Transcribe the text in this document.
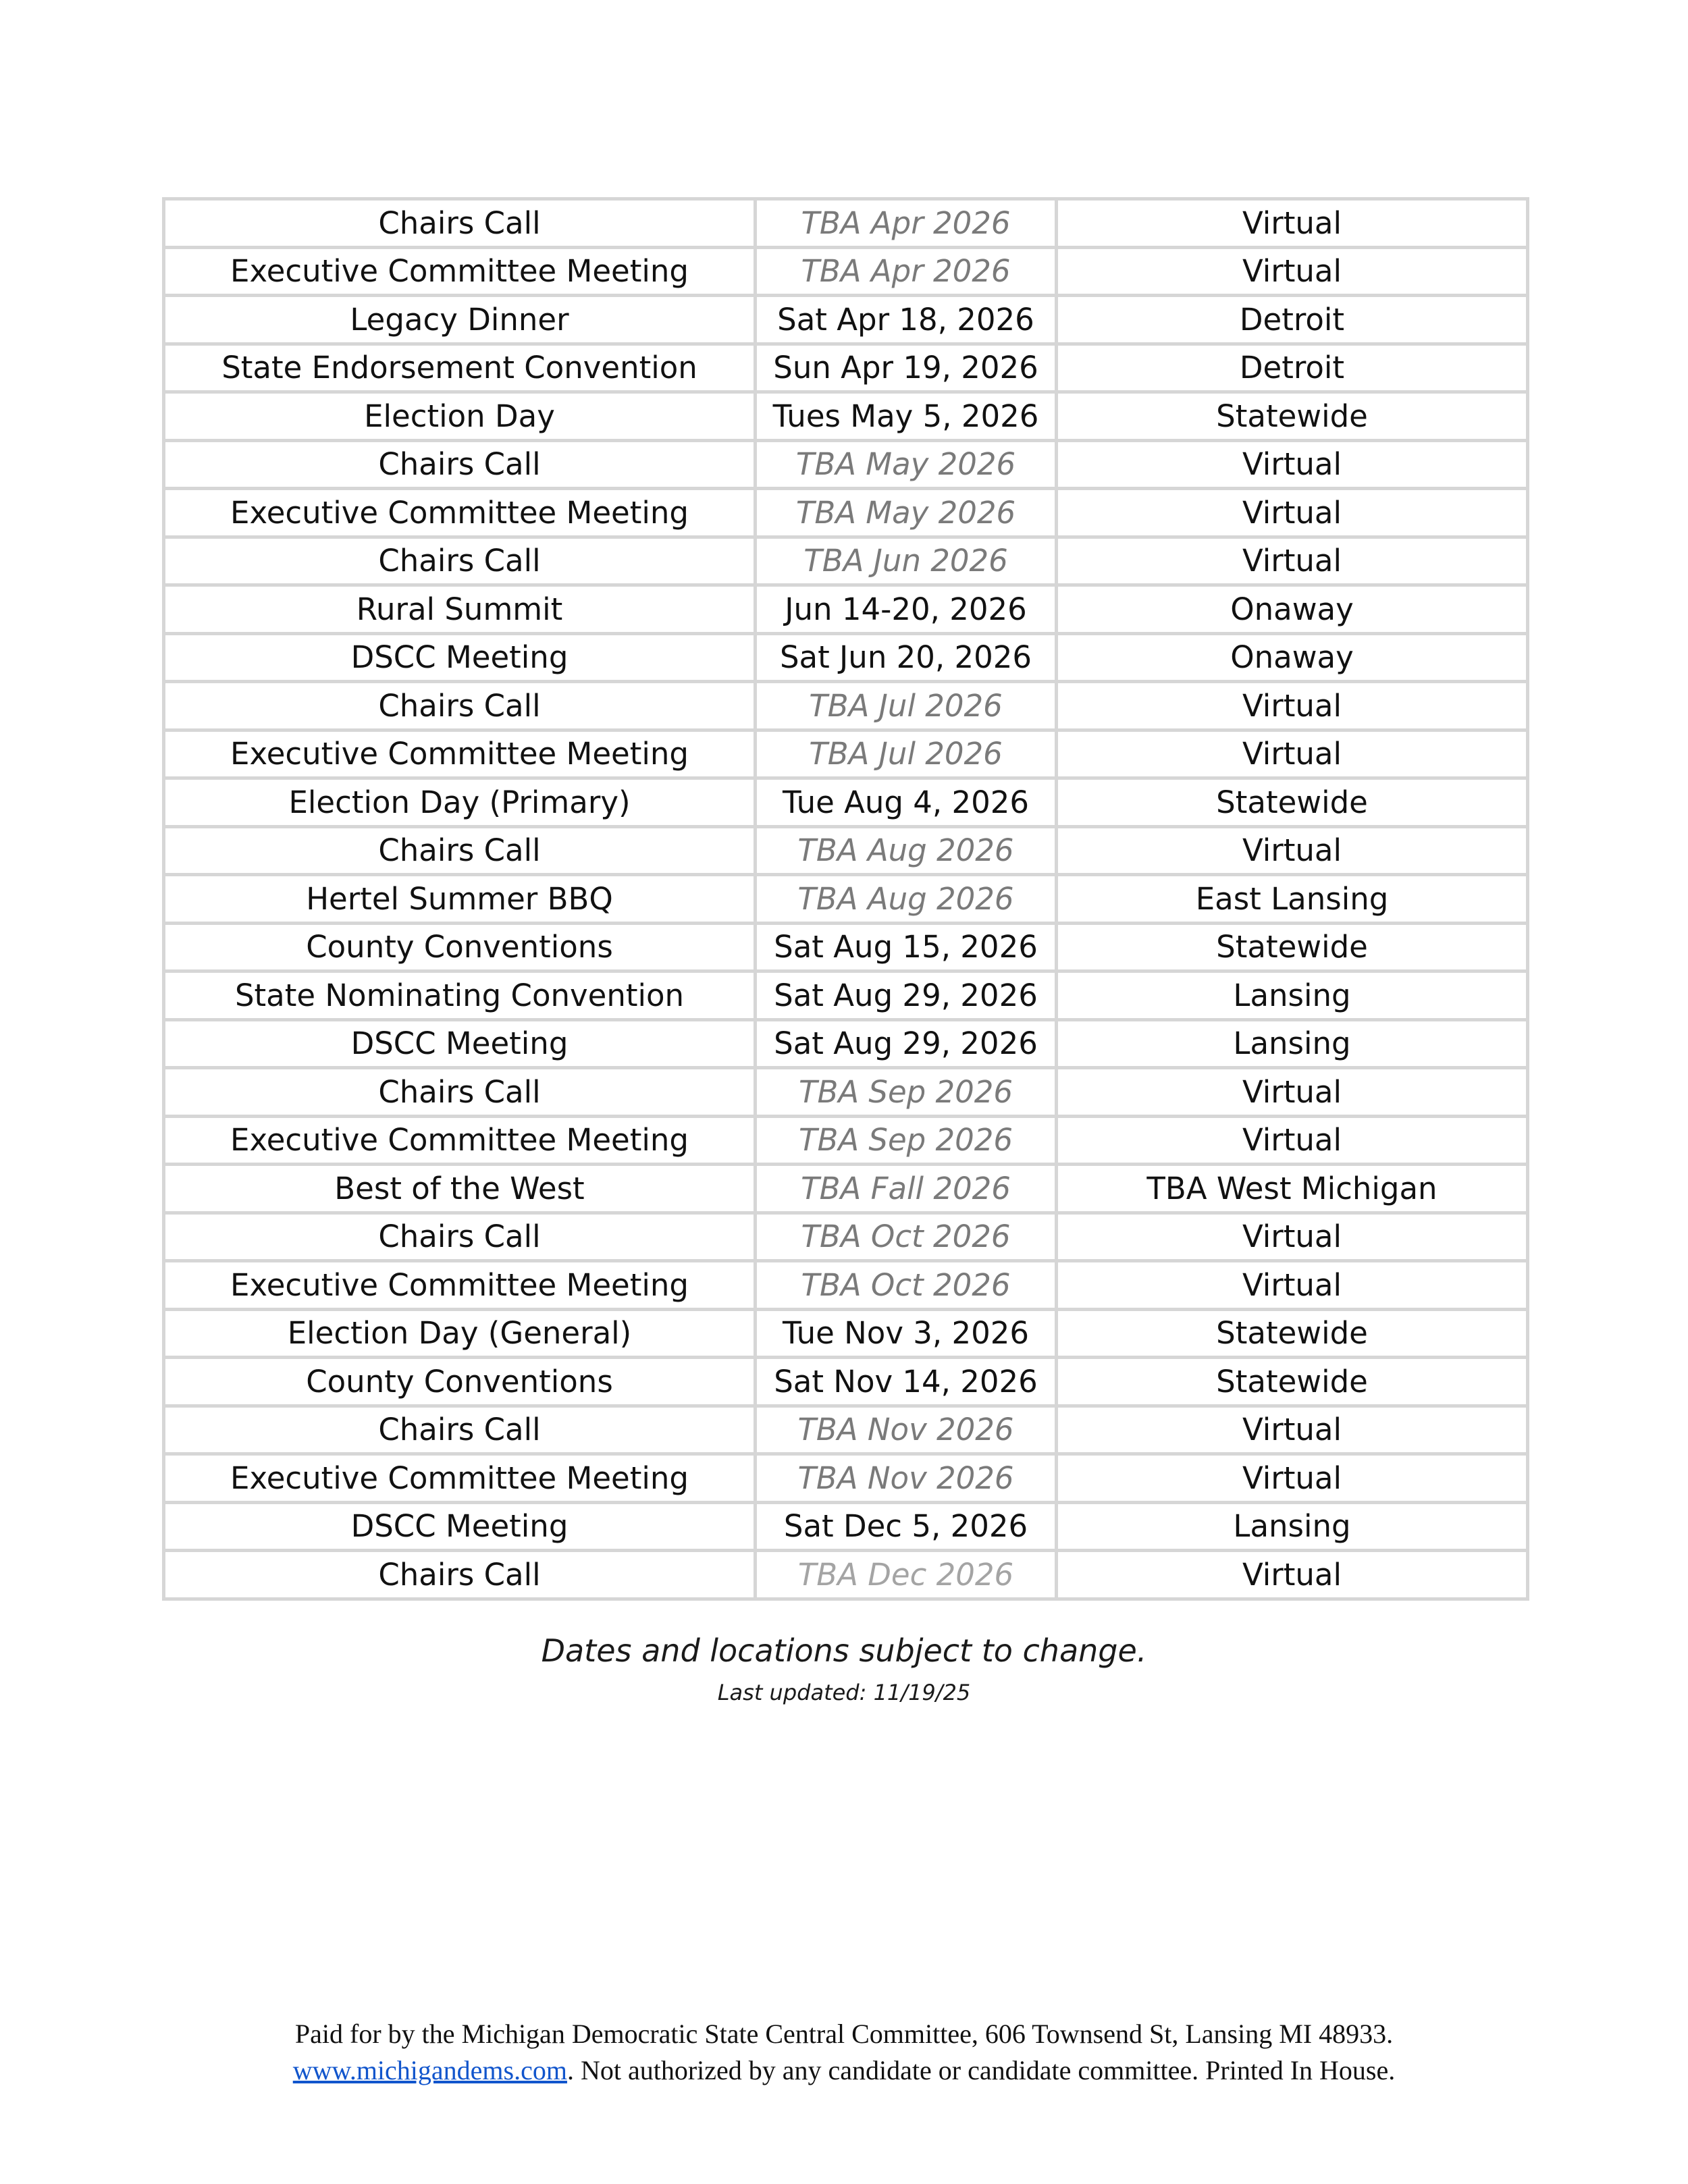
Chairs Call	TBA Apr 2026	Virtual
Executive Committee Meeting	TBA Apr 2026	Virtual
Legacy Dinner	Sat Apr 18, 2026	Detroit
State Endorsement Convention	Sun Apr 19, 2026	Detroit
Election Day	Tues May 5, 2026	Statewide
Chairs Call	TBA May 2026	Virtual
Executive Committee Meeting	TBA May 2026	Virtual
Chairs Call	TBA Jun 2026	Virtual
Rural Summit	Jun 14-20, 2026	Onaway
DSCC Meeting	Sat Jun 20, 2026	Onaway
Chairs Call	TBA Jul 2026	Virtual
Executive Committee Meeting	TBA Jul 2026	Virtual
Election Day (Primary)	Tue Aug 4, 2026	Statewide
Chairs Call	TBA Aug 2026	Virtual
Hertel Summer BBQ	TBA Aug 2026	East Lansing
County Conventions	Sat Aug 15, 2026	Statewide
State Nominating Convention	Sat Aug 29, 2026	Lansing
DSCC Meeting	Sat Aug 29, 2026	Lansing
Chairs Call	TBA Sep 2026	Virtual
Executive Committee Meeting	TBA Sep 2026	Virtual
Best of the West	TBA Fall 2026	TBA West Michigan
Chairs Call	TBA Oct 2026	Virtual
Executive Committee Meeting	TBA Oct 2026	Virtual
Election Day (General)	Tue Nov 3, 2026	Statewide
County Conventions	Sat Nov 14, 2026	Statewide
Chairs Call	TBA Nov 2026	Virtual
Executive Committee Meeting	TBA Nov 2026	Virtual
DSCC Meeting	Sat Dec 5, 2026	Lansing
Chairs Call	TBA Dec 2026	Virtual
Dates and locations subject to change.
Last updated: 11/19/25
Paid for by the Michigan Democratic State Central Committee, 606 Townsend St, Lansing MI 48933.
www.michigandems.com. Not authorized by any candidate or candidate committee. Printed In House.
